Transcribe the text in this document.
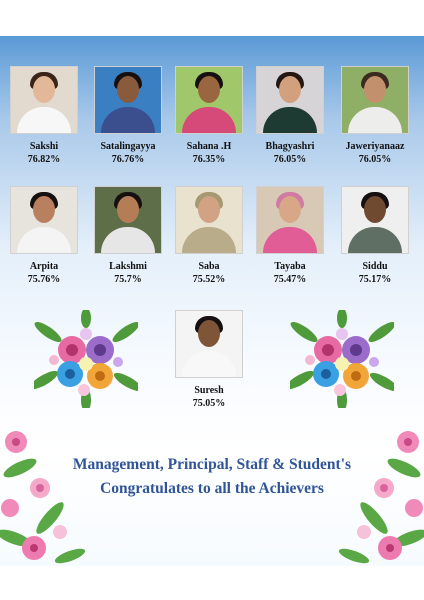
Sakshi
76.82%
Satalingayya
76.76%
Sahana .H
76.35%
Bhagyashri
76.05%
Jaweriyanaaz
76.05%
Arpita
75.76%
Lakshmi
75.7%
Saba
75.52%
Tayaba
75.47%
Siddu
75.17%
Suresh
75.05%
Management, Principal, Staff & Student's
Congratulates to all the Achievers
